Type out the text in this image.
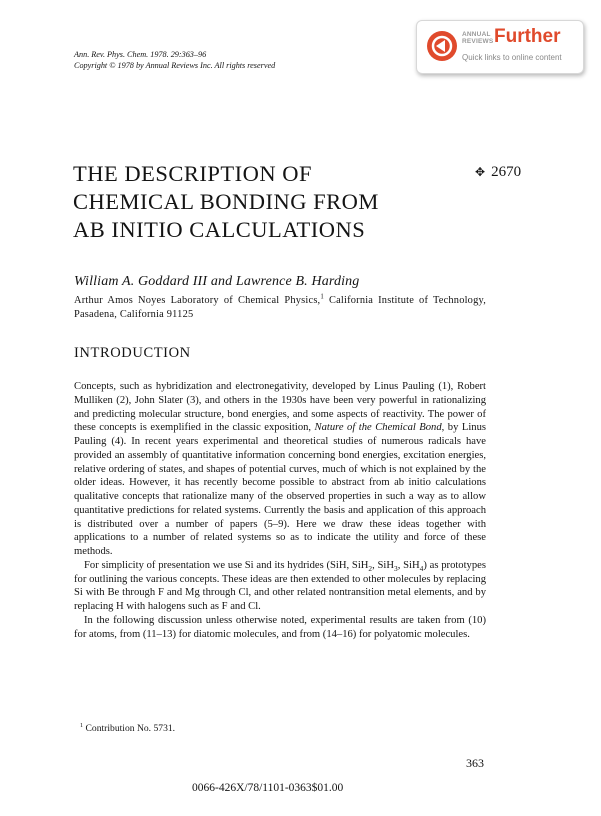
Ann. Rev. Phys. Chem. 1978. 29:363–96
Copyright © 1978 by Annual Reviews Inc. All rights reserved
ANNUAL
REVIEWS Further
Quick links to online content
THE DESCRIPTION OF
CHEMICAL BONDING FROM
AB INITIO CALCULATIONS
✥ 2670
William A. Goddard III and Lawrence B. Harding
Arthur Amos Noyes Laboratory of Chemical Physics,$^1$ California Institute of Technology, Pasadena, California 91125
INTRODUCTION

Concepts, such as hybridization and electronegativity, developed by Linus Pauling (1), Robert Mulliken (2), John Slater (3), and others in the 1930s have been very powerful in rationalizing and predicting molecular structure, bond energies, and some aspects of reactivity. The power of these concepts is exemplified in the classic exposition, Nature of the Chemical Bond, by Linus Pauling (4). In recent years experimental and theoretical studies of numerous radicals have provided an assembly of quantitative information concerning bond energies, excitation energies, relative ordering of states, and shapes of potential curves, much of which is not explained by the older ideas. However, it has recently become possible to abstract from ab initio calculations qualitative concepts that rationalize many of the observed properties in such a way as to allow quantitative predictions for related systems. Currently the basis and application of this approach is distributed over a number of papers (5–9). Here we draw these ideas together with applications to a number of related systems so as to indicate the utility and force of these methods.

For simplicity of presentation we use Si and its hydrides (SiH, SiH$_2$, SiH$_3$, SiH$_4$) as prototypes for outlining the various concepts. These ideas are then extended to other molecules by replacing Si with Be through F and Mg through Cl, and other related nontransition metal elements, and by replacing H with halogens such as F and Cl.

In the following discussion unless otherwise noted, experimental results are taken from (10) for atoms, from (11–13) for diatomic molecules, and from (14–16) for polyatomic molecules.

$^1$ Contribution No. 5731.
363
0066-426X/78/1101-0363$01.00
